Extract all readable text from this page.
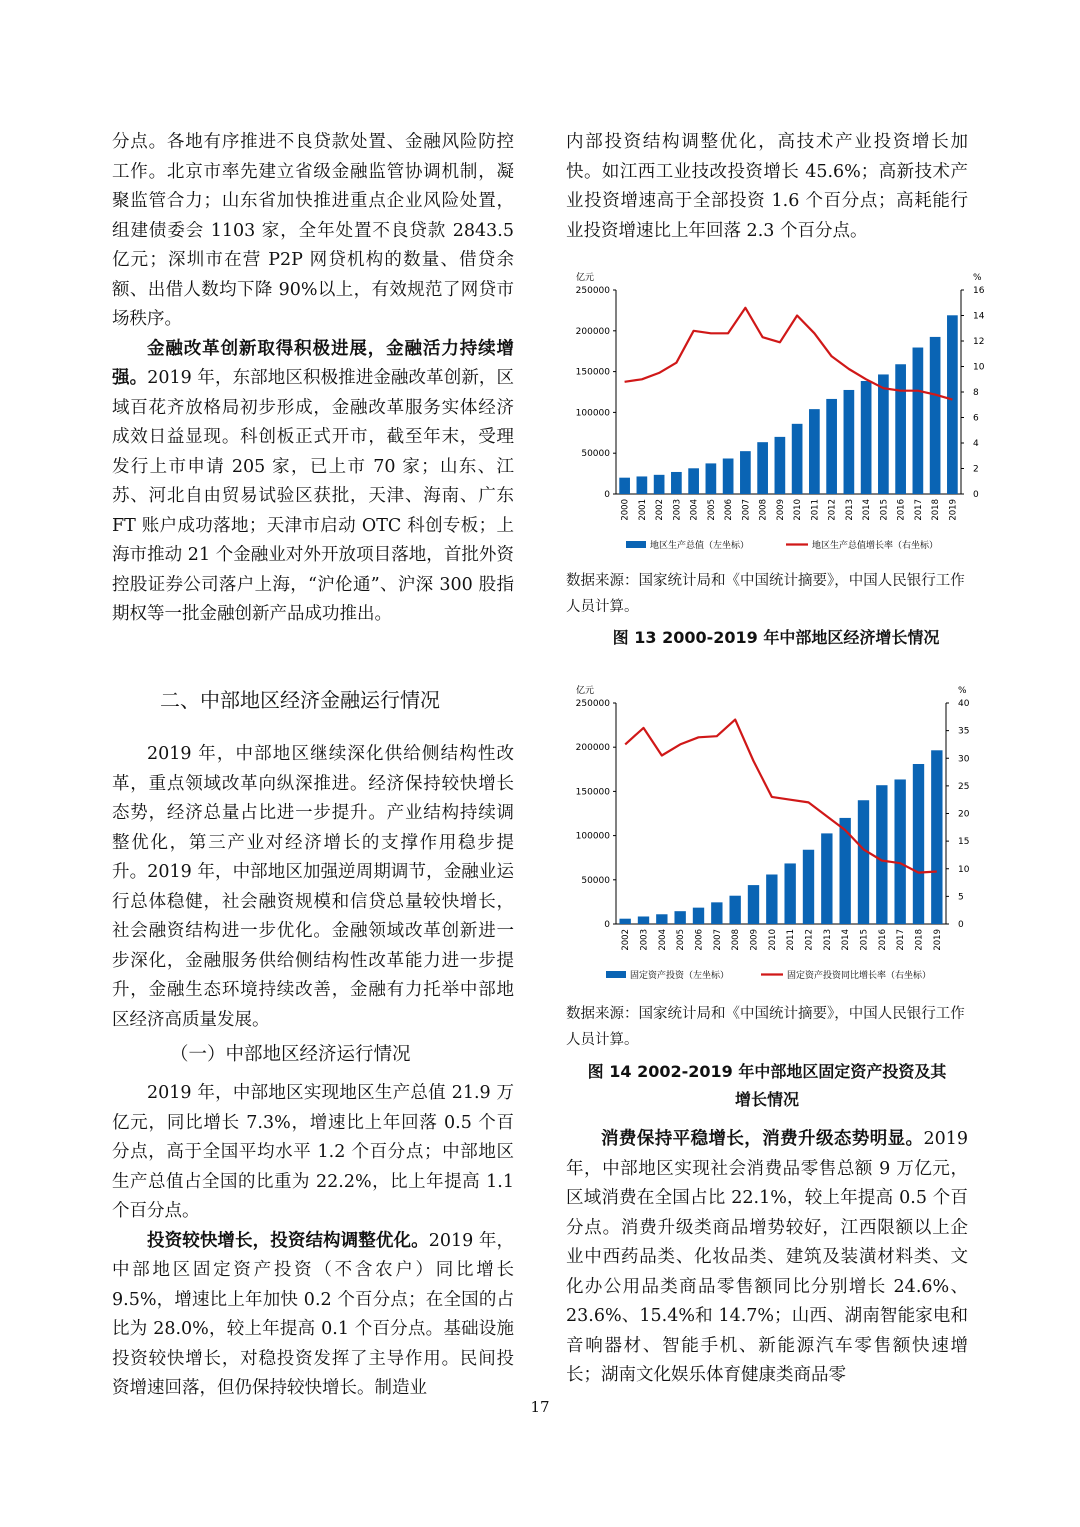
分点。各地有序推进不良贷款处置、金融风险防控工作。北京市率先建立省级金融监管协调机制，凝聚监管合力；山东省加快推进重点企业风险处置，组建债委会 1103 家，全年处置不良贷款 2843.5 亿元；深圳市在营 P2P 网贷机构的数量、借贷余额、出借人数均下降 90%以上，有效规范了网贷市场秩序。

金融改革创新取得积极进展，金融活力持续增强。2019 年，东部地区积极推进金融改革创新，区域百花齐放格局初步形成，金融改革服务实体经济成效日益显现。科创板正式开市，截至年末，受理发行上市申请 205 家，已上市 70 家；山东、江苏、河北自由贸易试验区获批，天津、海南、广东 FT 账户成功落地；天津市启动 OTC 科创专板；上海市推动 21 个金融业对外开放项目落地，首批外资控股证券公司落户上海，“沪伦通”、沪深 300 股指期权等一批金融创新产品成功推出。

二、中部地区经济金融运行情况

2019 年，中部地区继续深化供给侧结构性改革，重点领域改革向纵深推进。经济保持较快增长态势，经济总量占比进一步提升。产业结构持续调整优化，第三产业对经济增长的支撑作用稳步提升。2019 年，中部地区加强逆周期调节，金融业运行总体稳健，社会融资规模和信贷总量较快增长，社会融资结构进一步优化。金融领域改革创新进一步深化，金融服务供给侧结构性改革能力进一步提升，金融生态环境持续改善，金融有力托举中部地区经济高质量发展。

（一）中部地区经济运行情况

2019 年，中部地区实现地区生产总值 21.9 万亿元，同比增长 7.3%，增速比上年回落 0.5 个百分点，高于全国平均水平 1.2 个百分点；中部地区生产总值占全国的比重为 22.2%，比上年提高 1.1 个百分点。

投资较快增长，投资结构调整优化。2019 年，中部地区固定资产投资（不含农户）同比增长 9.5%，增速比上年加快 0.2 个百分点；在全国的占比为 28.0%，较上年提高 0.1 个百分点。基础设施投资较快增长，对稳投资发挥了主导作用。民间投资增速回落，但仍保持较快增长。制造业

内部投资结构调整优化，高技术产业投资增长加快。如江西工业技改投资增长 45.6%；高新技术产业投资增速高于全部投资 1.6 个百分点；高耗能行业投资增速比上年回落 2.3 个百分点。

亿元	%
0
50000
100000
150000
200000
250000
0
2
4
6
8
10
12
14
16
2000 2001 2002 2003 2004 2005 2006 2007 2008 2009 2010 2011 2012 2013 2014 2015 2016 2017 2018 2019
地区生产总值（左坐标）	地区生产总值增长率（右坐标）
数据来源：国家统计局和《中国统计摘要》，中国人民银行工作人员计算。
图 13 2000-2019 年中部地区经济增长情况
亿元	%
0
50000
100000
150000
200000
250000
0
5
10
15
20
25
30
35
40
2002 2003 2004 2005 2006 2007 2008 2009 2010 2011 2012 2013 2014 2015 2016 2017 2018 2019
固定资产投资（左坐标）	固定资产投资同比增长率（右坐标）
数据来源：国家统计局和《中国统计摘要》，中国人民银行工作人员计算。
图 14 2002-2019 年中部地区固定资产投资及其
增长情况

消费保持平稳增长，消费升级态势明显。2019 年，中部地区实现社会消费品零售总额 9 万亿元，区域消费在全国占比 22.1%，较上年提高 0.5 个百分点。消费升级类商品增势较好，江西限额以上企业中西药品类、化妆品类、建筑及装潢材料类、文化办公用品类商品零售额同比分别增长 24.6%、23.6%、15.4%和 14.7%；山西、湖南智能家电和音响器材、智能手机、新能源汽车零售额快速增长；湖南文化娱乐体育健康类商品零

17
